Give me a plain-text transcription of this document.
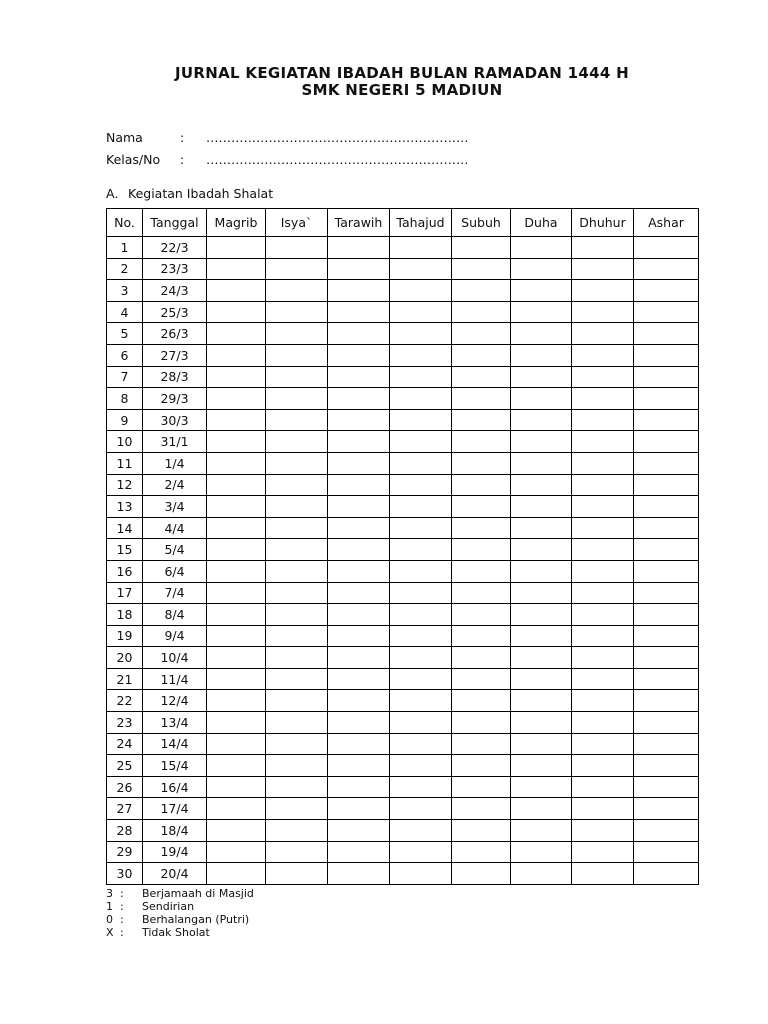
JURNAL KEGIATAN IBADAH BULAN RAMADAN 1444 H
SMK NEGERI 5 MADIUN
Nama	: ………………………………………………………
Kelas/No : ………………………………………………………
A. Kegiatan Ibadah Shalat
No.	Tanggal	Magrib	Isya`	Tarawih	Tahajud	Subuh	Duha	Dhuhur	Ashar
1	22/3								
2	23/3								
3	24/3								
4	25/3								
5	26/3								
6	27/3								
7	28/3								
8	29/3								
9	30/3								
10	31/1								
11	1/4								
12	2/4								
13	3/4								
14	4/4								
15	5/4								
16	6/4								
17	7/4								
18	8/4								
19	9/4								
20	10/4								
21	11/4								
22	12/4								
23	13/4								
24	14/4								
25	15/4								
26	16/4								
27	17/4								
28	18/4								
29	19/4								
30	20/4								
3 : Berjamaah di Masjid
1 : Sendirian
0 : Berhalangan (Putri)
X : Tidak Sholat
